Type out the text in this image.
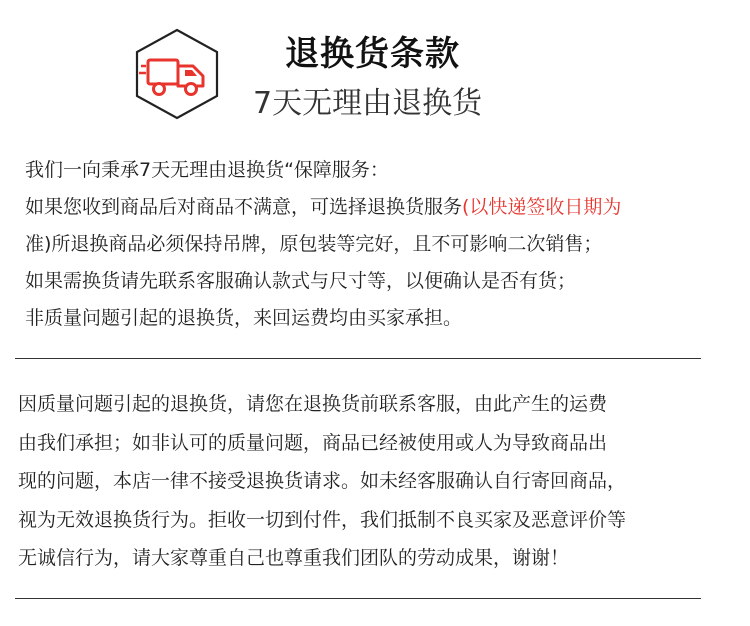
退换货条款
7天无理由退换货
我们一向秉承7天无理由退换货“保障服务：
如果您收到商品后对商品不满意，可选择退换货服务(以快递签收日期为
准)所退换商品必须保持吊牌，原包装等完好，且不可影响二次销售；
如果需换货请先联系客服确认款式与尺寸等，以便确认是否有货；
非质量问题引起的退换货，来回运费均由买家承担。
因质量问题引起的退换货，请您在退换货前联系客服，由此产生的运费
由我们承担；如非认可的质量问题，商品已经被使用或人为导致商品出
现的问题，本店一律不接受退换货请求。如未经客服确认自行寄回商品，
视为无效退换货行为。拒收一切到付件，我们抵制不良买家及恶意评价等
无诚信行为，请大家尊重自己也尊重我们团队的劳动成果，谢谢！
